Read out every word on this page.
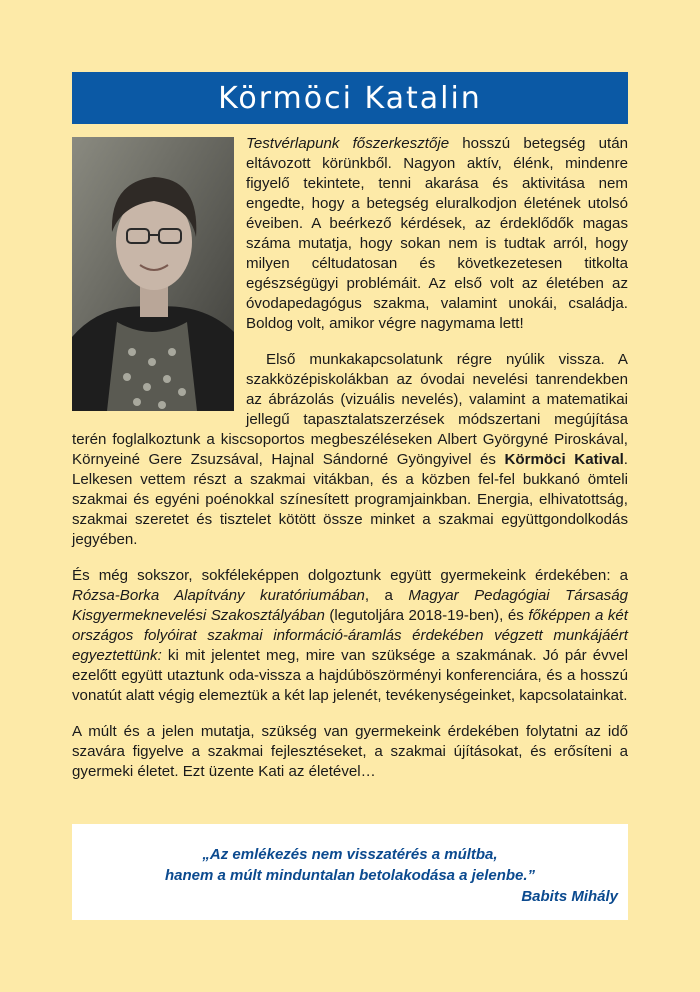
Körmöci Katalin

Testvérlapunk főszerkesztője hosszú betegség után eltávozott körünkből. Nagyon aktív, élénk, mindenre figyelő tekintete, tenni akarása és aktivitása nem engedte, hogy a betegség eluralkodjon életének utolsó éveiben. A beérkező kérdések, az érdeklődők magas száma mutatja, hogy sokan nem is tudtak arról, hogy milyen céltudatosan és következetesen titkolta egészségügyi problémáit. Az első volt az életében az óvodapedagógus szakma, valamint unokái, családja. Boldog volt, amikor végre nagymama lett!

Első munkakapcsolatunk régre nyúlik vissza. A szakközépiskolákban az óvodai nevelési tanrendekben az ábrázolás (vizuális nevelés), valamint a matematikai jellegű tapasztalatszerzések módszertani megújítása terén foglalkoztunk a kiscsoportos megbeszéléseken Albert Györgyné Piroskával, Környeiné Gere Zsuzsával, Hajnal Sándorné Gyöngyivel és Körmöci Katival. Lelkesen vettem részt a szakmai vitákban, és a közben fel-fel bukkanó ömteli szakmai és egyéni poénokkal színesített programjainkban. Energia, elhivatottság, szakmai szeretet és tisztelet kötött össze minket a szakmai együttgondolkodás jegyében.

És még sokszor, sokféleképpen dolgoztunk együtt gyermekeink érdekében: a Rózsa-Borka Alapítvány kuratóriumában, a Magyar Pedagógiai Társaság Kisgyermeknevelési Szakosztályában (legutoljára 2018-19-ben), és főképpen a két országos folyóirat szakmai információ-áramlás érdekében végzett munkájáért egyeztettünk: ki mit jelentet meg, mire van szüksége a szakmának. Jó pár évvel ezelőtt együtt utaztunk oda-vissza a hajdúböszörményi konferenciára, és a hosszú vonatút alatt végig elemeztük a két lap jelenét, tevékenységeinket, kapcsolatainkat.

A múlt és a jelen mutatja, szükség van gyermekeink érdekében folytatni az idő szavára figyelve a szakmai fejlesztéseket, a szakmai újításokat, és erősíteni a gyermeki életet. Ezt üzente Kati az életével…

„Az emlékezés nem visszatérés a múltba,
hanem a múlt minduntalan betolakodása a jelenbe.”
Babits Mihály
